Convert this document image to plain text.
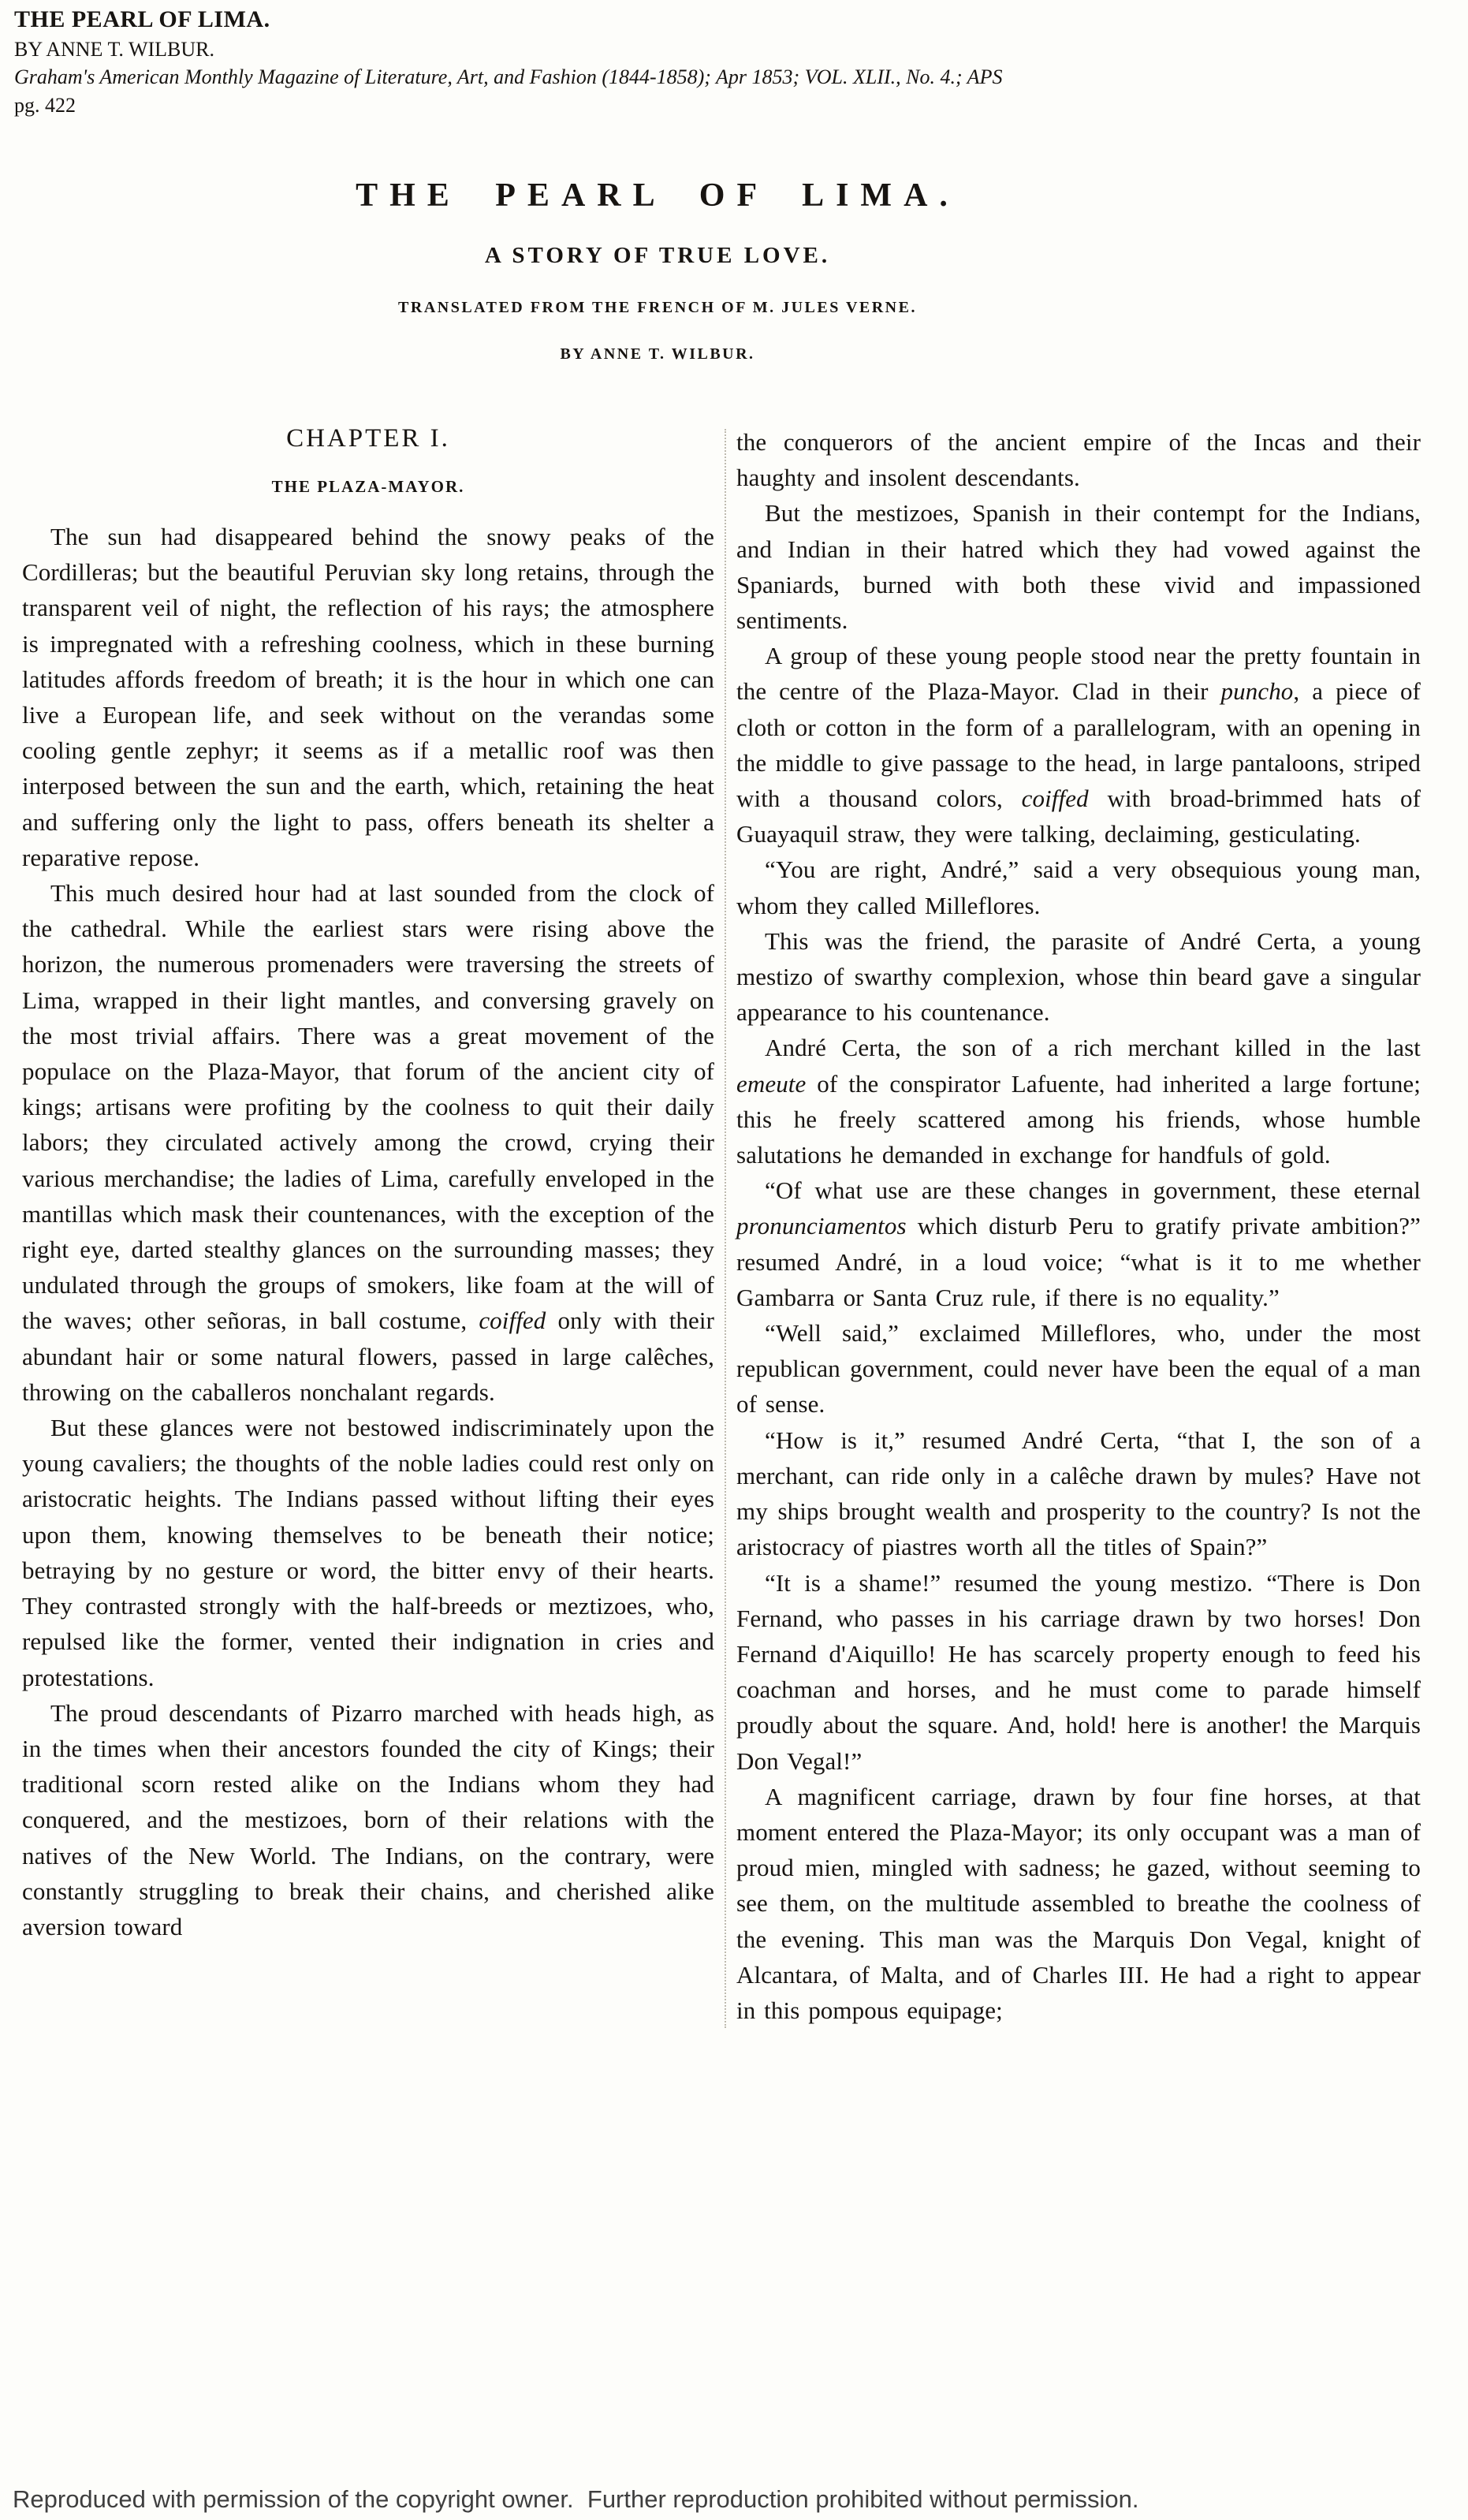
THE PEARL OF LIMA.
BY ANNE T. WILBUR.
Graham's American Monthly Magazine of Literature, Art, and Fashion (1844-1858); Apr 1853; VOL. XLII., No. 4.; APS
pg. 422
THE PEARL OF LIMA.
A STORY OF TRUE LOVE.
TRANSLATED FROM THE FRENCH OF M. JULES VERNE.
BY ANNE T. WILBUR.
CHAPTER I.
THE PLAZA-MAYOR.

The sun had disappeared behind the snowy peaks of the Cordilleras; but the beautiful Peruvian sky long retains, through the transparent veil of night, the reflection of his rays; the atmosphere is impregnated with a refreshing coolness, which in these burning latitudes affords freedom of breath; it is the hour in which one can live a European life, and seek without on the verandas some cooling gentle zephyr; it seems as if a metallic roof was then interposed between the sun and the earth, which, retaining the heat and suffering only the light to pass, offers beneath its shelter a reparative repose.

This much desired hour had at last sounded from the clock of the cathedral. While the earliest stars were rising above the horizon, the numerous promenaders were traversing the streets of Lima, wrapped in their light mantles, and conversing gravely on the most trivial affairs. There was a great movement of the populace on the Plaza-Mayor, that forum of the ancient city of kings; artisans were profiting by the coolness to quit their daily labors; they circulated actively among the crowd, crying their various merchandise; the ladies of Lima, carefully enveloped in the mantillas which mask their countenances, with the exception of the right eye, darted stealthy glances on the surrounding masses; they undulated through the groups of smokers, like foam at the will of the waves; other señoras, in ball costume, coiffed only with their abundant hair or some natural flowers, passed in large calêches, throwing on the caballeros nonchalant regards.

But these glances were not bestowed indiscriminately upon the young cavaliers; the thoughts of the noble ladies could rest only on aristocratic heights. The Indians passed without lifting their eyes upon them, knowing themselves to be beneath their notice; betraying by no gesture or word, the bitter envy of their hearts. They contrasted strongly with the half-breeds or meztizoes, who, repulsed like the former, vented their indignation in cries and protestations.

The proud descendants of Pizarro marched with heads high, as in the times when their ancestors founded the city of Kings; their traditional scorn rested alike on the Indians whom they had conquered, and the mestizoes, born of their relations with the natives of the New World. The Indians, on the contrary, were constantly struggling to break their chains, and cherished alike aversion toward

the conquerors of the ancient empire of the Incas and their haughty and insolent descendants.

But the mestizoes, Spanish in their contempt for the Indians, and Indian in their hatred which they had vowed against the Spaniards, burned with both these vivid and impassioned sentiments.

A group of these young people stood near the pretty fountain in the centre of the Plaza-Mayor. Clad in their puncho, a piece of cloth or cotton in the form of a parallelogram, with an opening in the middle to give passage to the head, in large pantaloons, striped with a thousand colors, coiffed with broad-brimmed hats of Guayaquil straw, they were talking, declaiming, gesticulating.

“You are right, André,” said a very obsequious young man, whom they called Milleflores.

This was the friend, the parasite of André Certa, a young mestizo of swarthy complexion, whose thin beard gave a singular appearance to his countenance.

André Certa, the son of a rich merchant killed in the last emeute of the conspirator Lafuente, had inherited a large fortune; this he freely scattered among his friends, whose humble salutations he demanded in exchange for handfuls of gold.

“Of what use are these changes in government, these eternal pronunciamentos which disturb Peru to gratify private ambition?” resumed André, in a loud voice; “what is it to me whether Gambarra or Santa Cruz rule, if there is no equality.”

“Well said,” exclaimed Milleflores, who, under the most republican government, could never have been the equal of a man of sense.

“How is it,” resumed André Certa, “that I, the son of a merchant, can ride only in a calêche drawn by mules? Have not my ships brought wealth and prosperity to the country? Is not the aristocracy of piastres worth all the titles of Spain?”

“It is a shame!” resumed the young mestizo. “There is Don Fernand, who passes in his carriage drawn by two horses! Don Fernand d'Aiquillo! He has scarcely property enough to feed his coachman and horses, and he must come to parade himself proudly about the square. And, hold! here is another! the Marquis Don Vegal!”

A magnificent carriage, drawn by four fine horses, at that moment entered the Plaza-Mayor; its only occupant was a man of proud mien, mingled with sadness; he gazed, without seeming to see them, on the multitude assembled to breathe the coolness of the evening. This man was the Marquis Don Vegal, knight of Alcantara, of Malta, and of Charles III. He had a right to appear in this pompous equipage;

Reproduced with permission of the copyright owner.  Further reproduction prohibited without permission.
